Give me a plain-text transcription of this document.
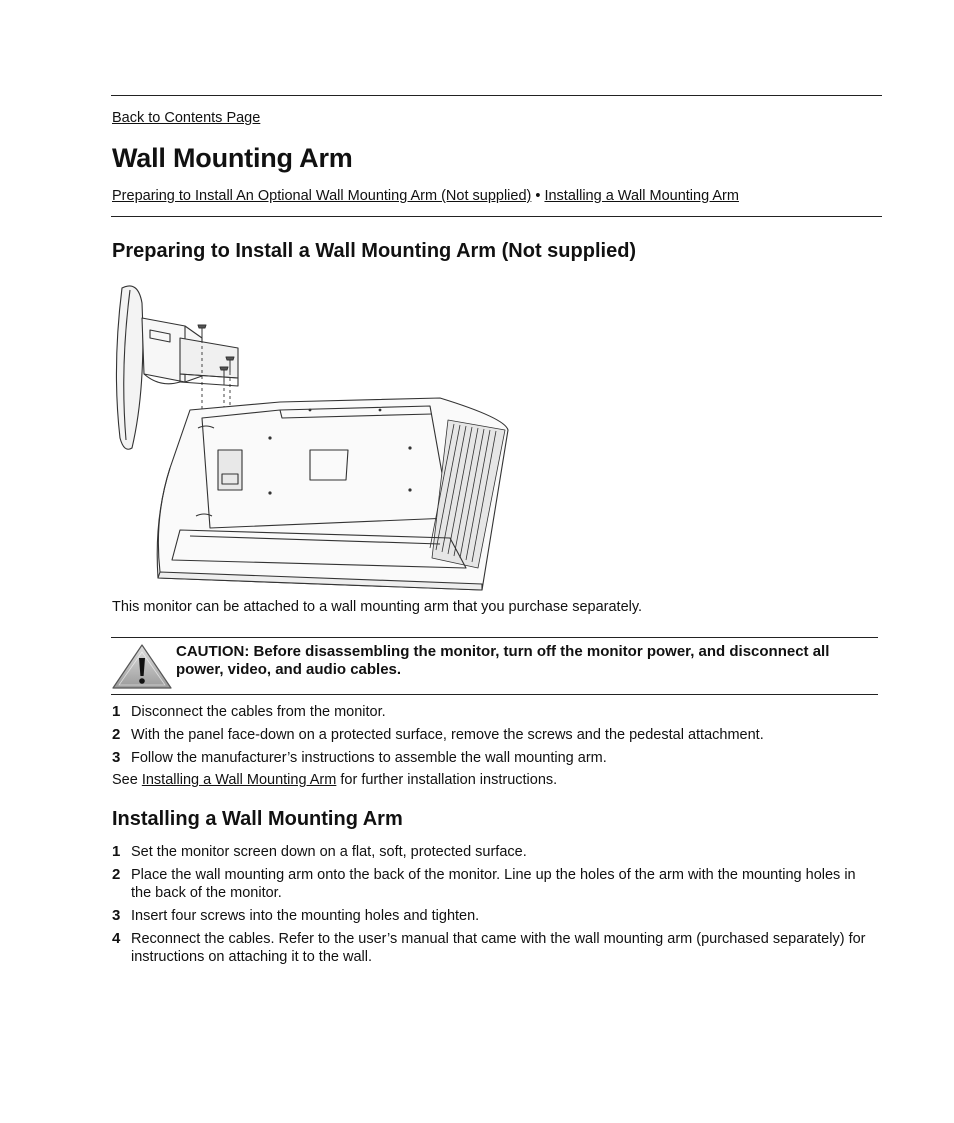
Back to Contents Page
Wall Mounting Arm
Preparing to Install An Optional Wall Mounting Arm (Not supplied) • Installing a Wall Mounting Arm
Preparing to Install a Wall Mounting Arm (Not supplied)

This monitor can be attached to a wall mounting arm that you purchase separately.

CAUTION: Before disassembling the monitor, turn off the monitor power, and disconnect all power, video, and audio cables.
1 Disconnect the cables from the monitor.
2 With the panel face-down on a protected surface, remove the screws and the pedestal attachment.
3 Follow the manufacturer’s instructions to assemble the wall mounting arm.

See Installing a Wall Mounting Arm for further installation instructions.

Installing a Wall Mounting Arm
1 Set the monitor screen down on a flat, soft, protected surface.
2 Place the wall mounting arm onto the back of the monitor. Line up the holes of the arm with the mounting holes in the back of the monitor.
3 Insert four screws into the mounting holes and tighten.
4 Reconnect the cables. Refer to the user’s manual that came with the wall mounting arm (purchased separately) for instructions on attaching it to the wall.
